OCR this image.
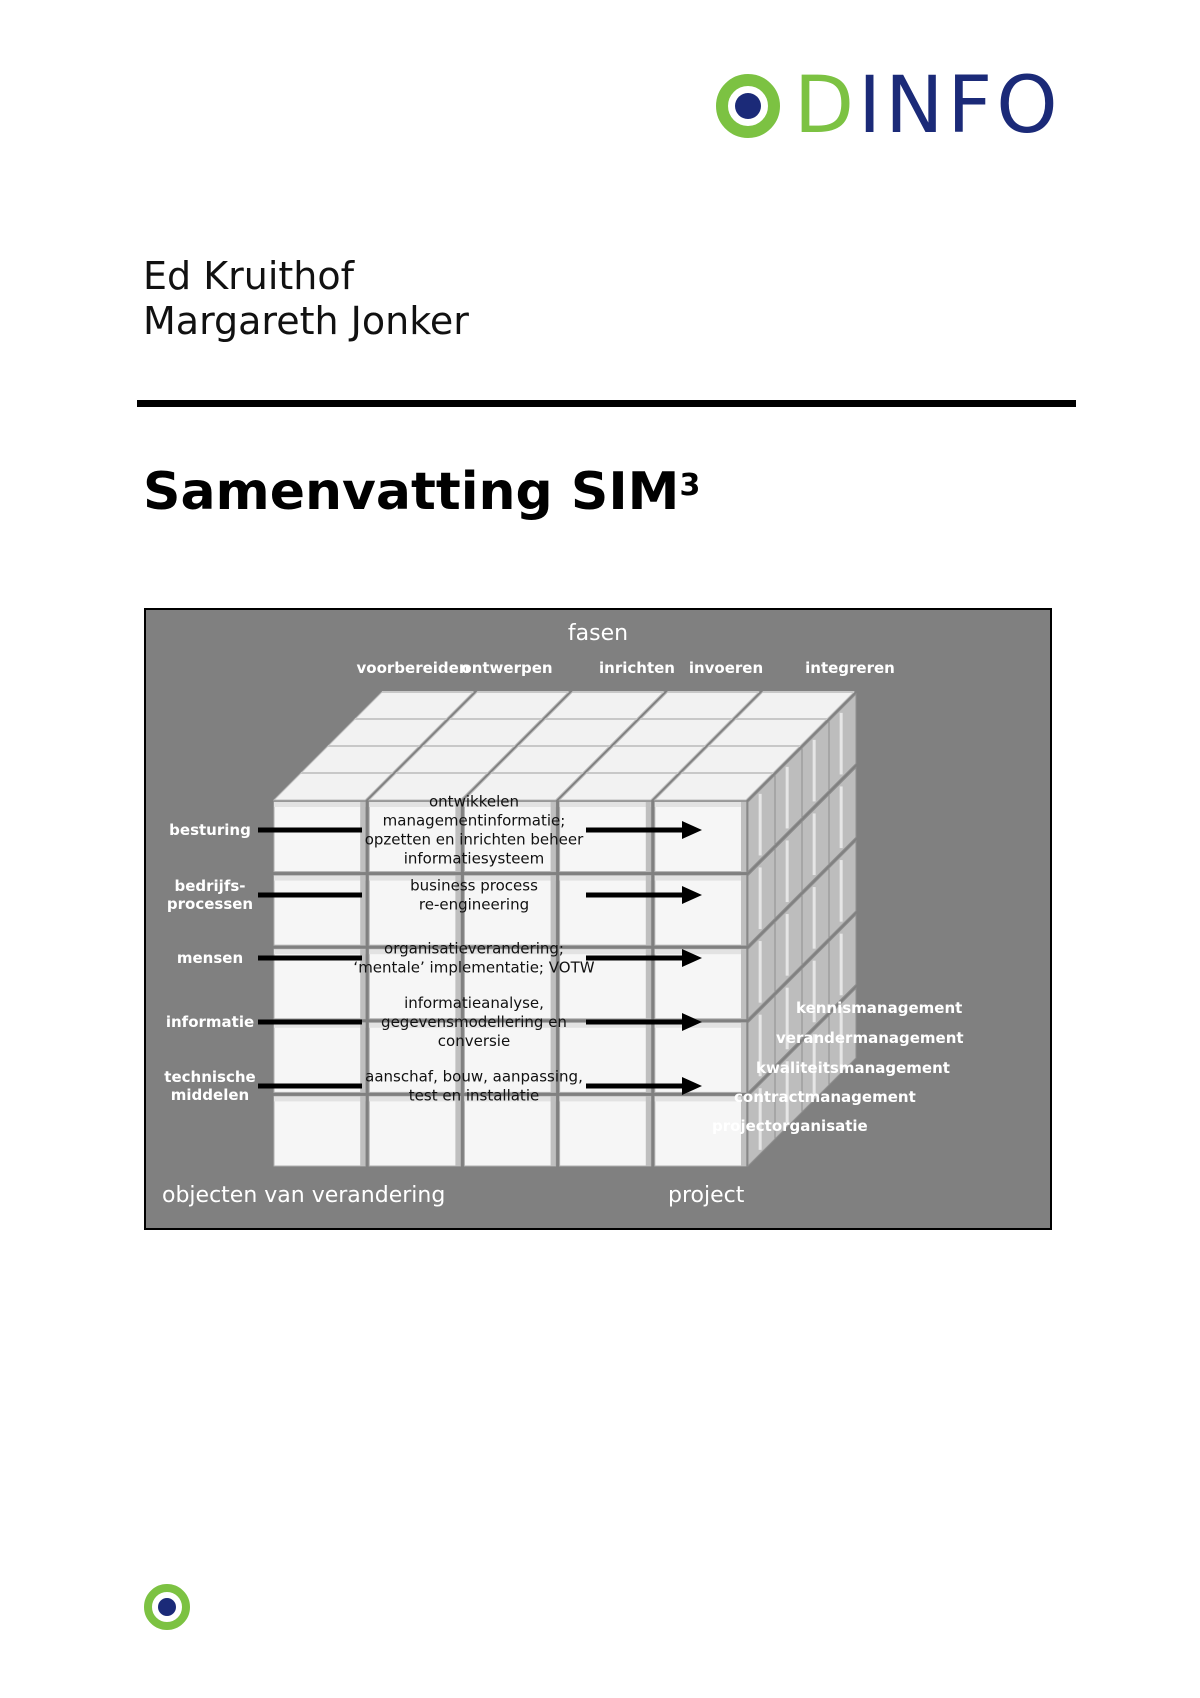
DINFO
Ed Kruithof
Margareth Jonker
Samenvatting SIM$^3$
fasen
voorbereiden
ontwerpen	inrichten invoeren	integreren
besturing
ontwikkelen
managementinformatie;
opzetten en inrichten beheer
informatiesysteem
bedrijfs-
processen
business process
re-engineering
mensen
organisatieverandering;
‘mentale’ implementatie; VOTW
informatie
informatieanalyse,
gegevensmodellering en
conversie
technische
middelen
aanschaf, bouw, aanpassing,
test en installatie
kennismanagement
verandermanagement
kwaliteitsmanagement
contractmanagement
projectorganisatie
objecten van verandering	project
